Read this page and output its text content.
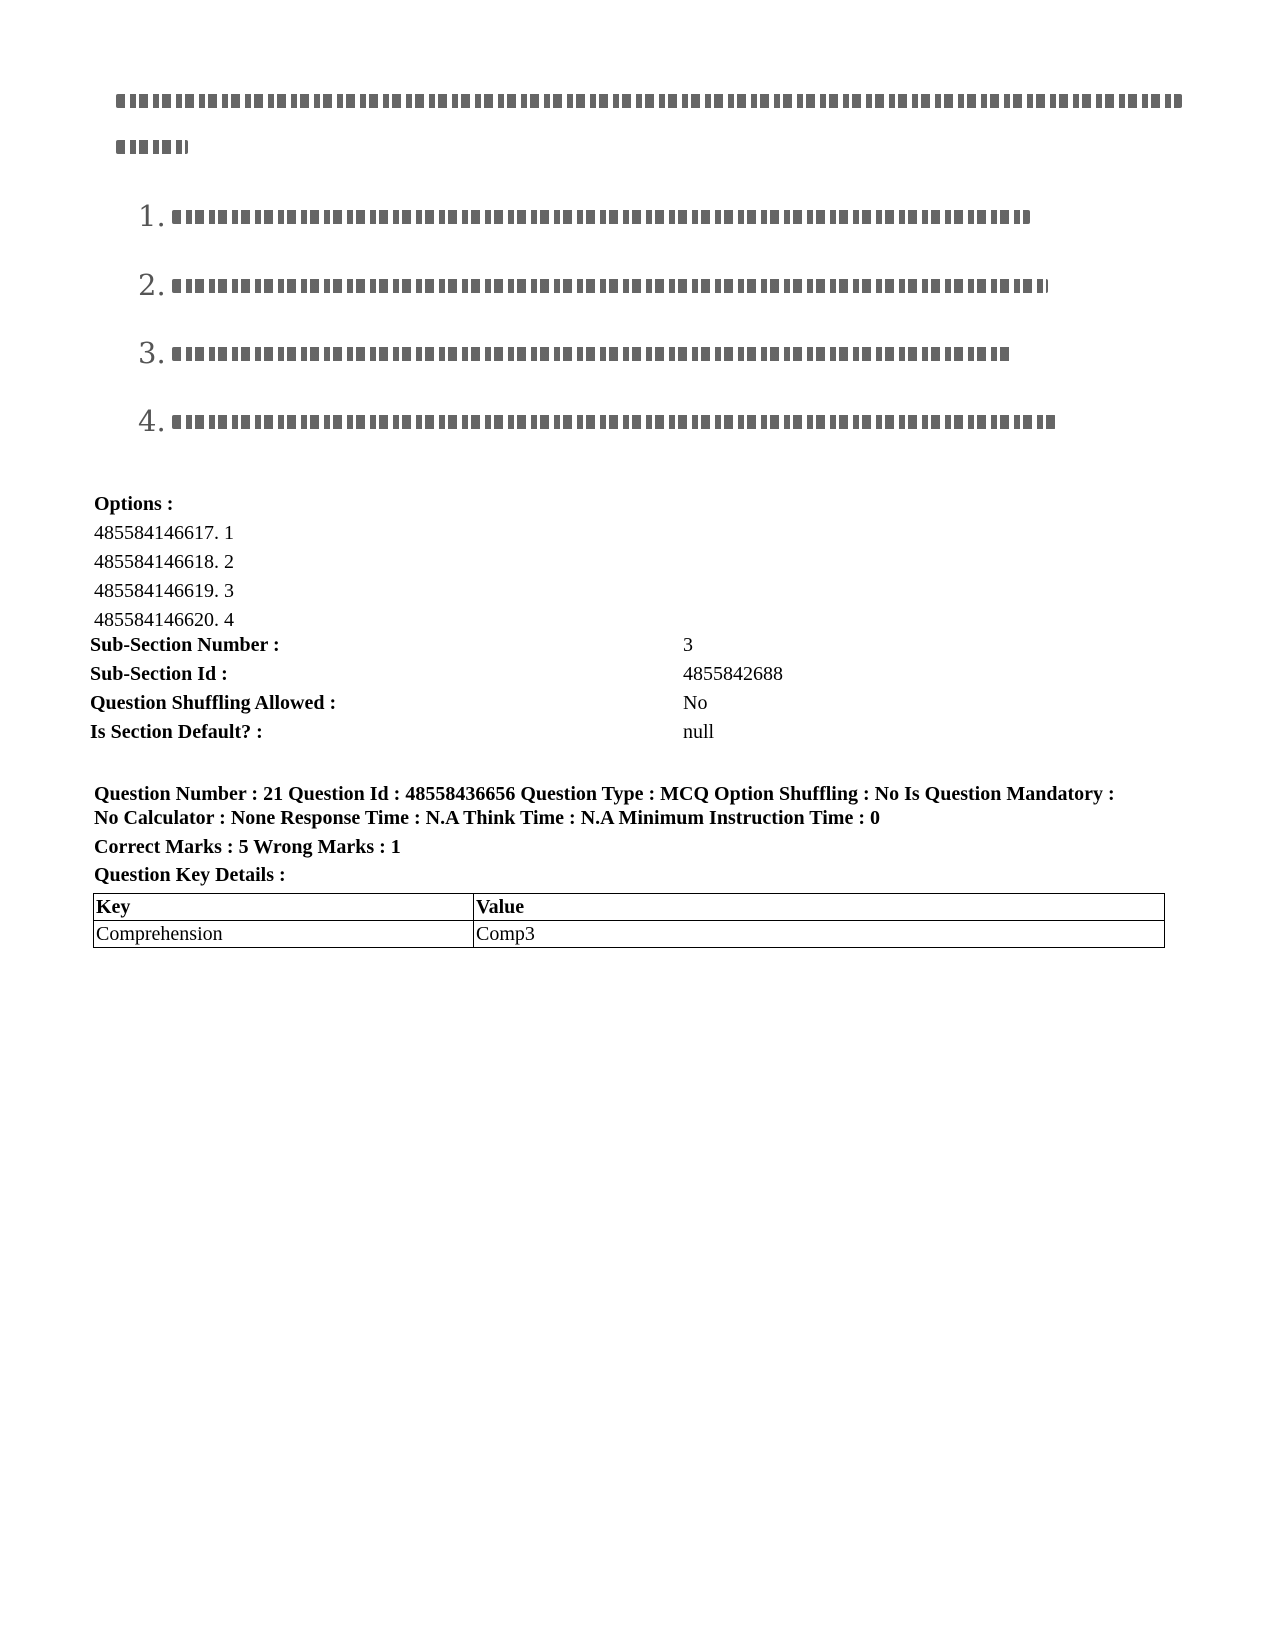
1.
2.
3.
4.
Options :
485584146617. 1
485584146618. 2
485584146619. 3
485584146620. 4
Sub-Section Number :	3
Sub-Section Id :	4855842688
Question Shuffling Allowed :	No
Is Section Default? :	null
Question Number : 21 Question Id : 48558436656 Question Type : MCQ Option Shuffling : No Is Question Mandatory :
No Calculator : None Response Time : N.A Think Time : N.A Minimum Instruction Time : 0
Correct Marks : 5 Wrong Marks : 1
Question Key Details :
Key	Value
Comprehension	Comp3
